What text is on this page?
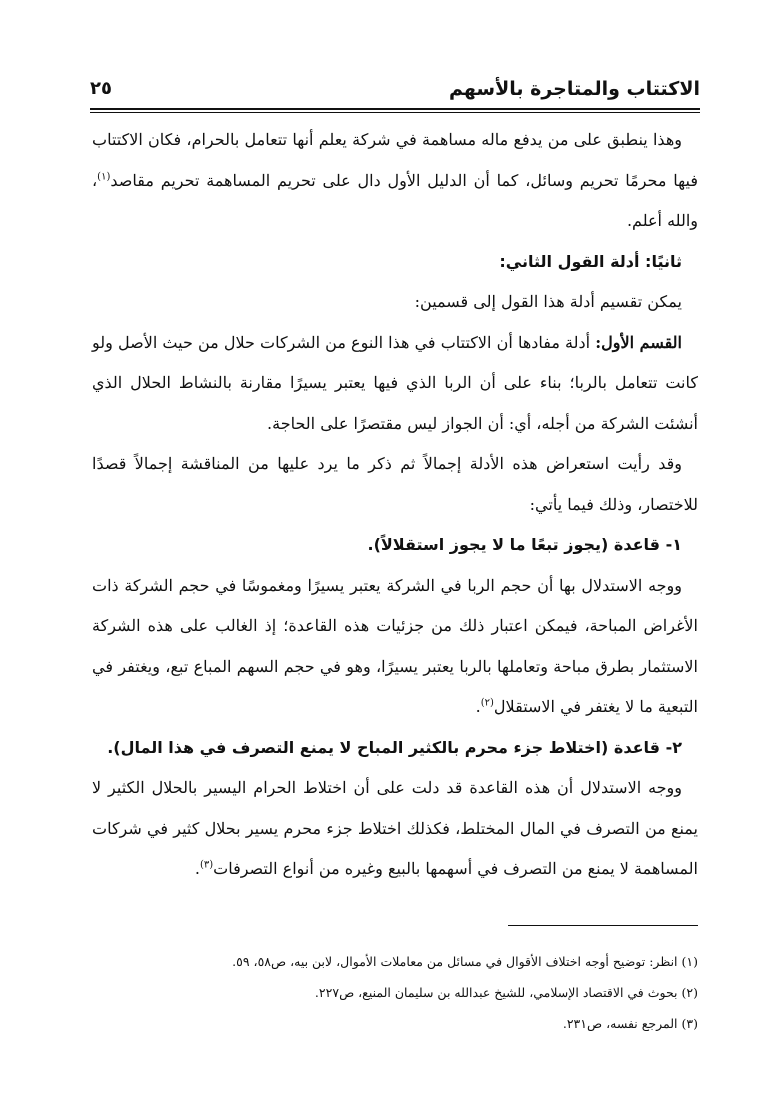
الاكتتاب والمتاجرة بالأسهم
٢٥

وهذا ينطبق على من يدفع ماله مساهمة في شركة يعلم أنها تتعامل بالحرام، فكان الاكتتاب فيها محرمًا تحريم وسائل، كما أن الدليل الأول دال على تحريم المساهمة تحريم مقاصد$^{(١)}$، والله أعلم.

ثانيًا: أدلة القول الثاني:

يمكن تقسيم أدلة هذا القول إلى قسمين:

القسم الأول: أدلة مفادها أن الاكتتاب في هذا النوع من الشركات حلال من حيث الأصل ولو كانت تتعامل بالربا؛ بناء على أن الربا الذي فيها يعتبر يسيرًا مقارنة بالنشاط الحلال الذي أنشئت الشركة من أجله، أي: أن الجواز ليس مقتصرًا على الحاجة.

وقد رأيت استعراض هذه الأدلة إجمالاً ثم ذكر ما يرد عليها من المناقشة إجمالاً قصدًا للاختصار، وذلك فيما يأتي:

١- قاعدة (يجوز تبعًا ما لا يجوز استقلالاً).

ووجه الاستدلال بها أن حجم الربا في الشركة يعتبر يسيرًا ومغموسًا في حجم الشركة ذات الأغراض المباحة، فيمكن اعتبار ذلك من جزئيات هذه القاعدة؛ إذ الغالب على هذه الشركة الاستثمار بطرق مباحة وتعاملها بالربا يعتبر يسيرًا، وهو في حجم السهم المباع تبع، ويغتفر في التبعية ما لا يغتفر في الاستقلال$^{(٢)}$.

٢- قاعدة (اختلاط جزء محرم بالكثير المباح لا يمنع التصرف في هذا المال).

ووجه الاستدلال أن هذه القاعدة قد دلت على أن اختلاط الحرام اليسير بالحلال الكثير لا يمنع من التصرف في المال المختلط، فكذلك اختلاط جزء محرم يسير بحلال كثير في شركات المساهمة لا يمنع من التصرف في أسهمها بالبيع وغيره من أنواع التصرفات$^{(٣)}$.

(١) انظر: توضيح أوجه اختلاف الأقوال في مسائل من معاملات الأموال، لابن بيه، ص٥٨، ٥٩.
(٢) بحوث في الاقتصاد الإسلامي، للشيخ عبدالله بن سليمان المنيع، ص٢٢٧.
(٣) المرجع نفسه، ص٢٣١.
